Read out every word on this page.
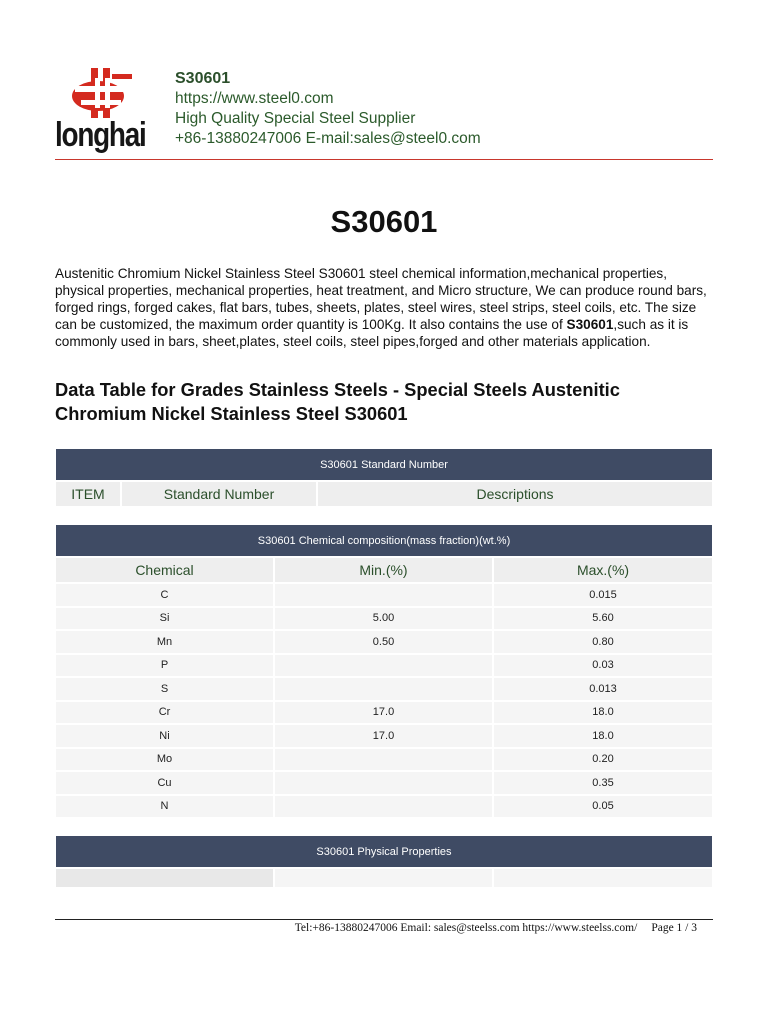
longhai
S30601
https://www.steel0.com
High Quality Special Steel Supplier
+86-13880247006 E-mail:sales@steel0.com
S30601
Austenitic Chromium Nickel Stainless Steel S30601 steel chemical information,mechanical properties, physical properties, mechanical properties, heat treatment, and Micro structure, We can produce round bars, forged rings, forged cakes, flat bars, tubes, sheets, plates, steel wires, steel strips, steel coils, etc. The size can be customized, the maximum order quantity is 100Kg. It also contains the use of S30601,such as it is commonly used in bars, sheet,plates, steel coils, steel pipes,forged and other materials application.
Data Table for Grades Stainless Steels - Special Steels Austenitic Chromium Nickel Stainless Steel S30601
S30601 Standard Number
ITEM	Standard Number	Descriptions
S30601 Chemical composition(mass fraction)(wt.%)		
Chemical	Min.(%)	Max.(%)
C		0.015
Si	5.00	5.60
Mn	0.50	0.80
P		0.03
S		0.013
Cr	17.0	18.0
Ni	17.0	18.0
Mo		0.20
Cu		0.35
N		0.05
S30601 Physical Properties

Tel:+86-13880247006 Email: sales@steelss.com https://www.steelss.com/ Page 1 / 3
